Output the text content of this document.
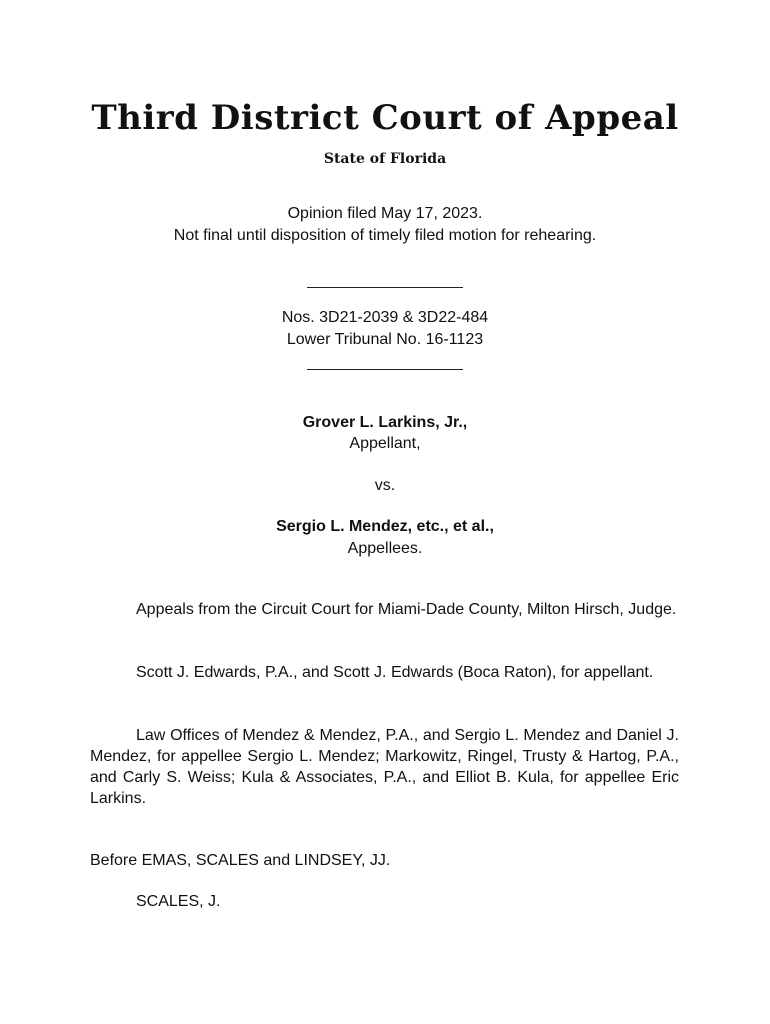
Third District Court of Appeal
State of Florida
Opinion filed May 17, 2023.
Not final until disposition of timely filed motion for rehearing.
Nos. 3D21-2039 & 3D22-484
Lower Tribunal No. 16-1123
Grover L. Larkins, Jr.,
Appellant,
vs.
Sergio L. Mendez, etc., et al.,
Appellees.
Appeals from the Circuit Court for Miami-Dade County, Milton Hirsch, Judge.
Scott J. Edwards, P.A., and Scott J. Edwards (Boca Raton), for appellant.
Law Offices of Mendez & Mendez, P.A., and Sergio L. Mendez and Daniel J. Mendez, for appellee Sergio L. Mendez; Markowitz, Ringel, Trusty & Hartog, P.A., and Carly S. Weiss; Kula & Associates, P.A., and Elliot B. Kula, for appellee Eric Larkins.
Before EMAS, SCALES and LINDSEY, JJ.
SCALES, J.
